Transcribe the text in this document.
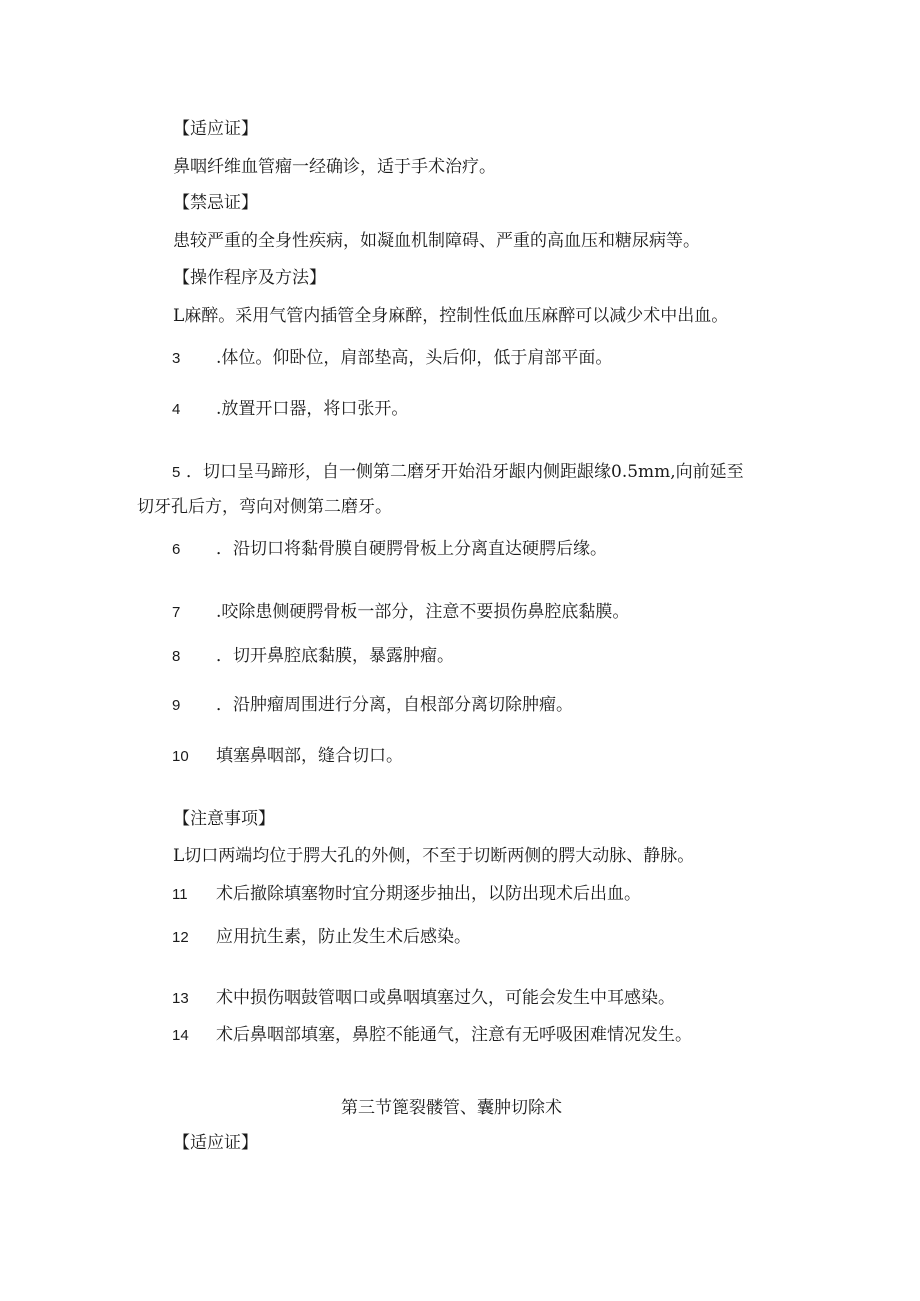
【适应证】
鼻咽纤维血管瘤一经确诊，适于手术治疗。
【禁忌证】
患较严重的全身性疾病，如凝血机制障碍、严重的高血压和糖尿病等。
【操作程序及方法】
L麻醉。采用气管内插管全身麻醉，控制性低血压麻醉可以减少术中出血。
3 .体位。仰卧位，肩部垫高，头后仰，低于肩部平面。
4 .放置开口器，将口张开。
5 ．切口呈马蹄形，自一侧第二磨牙开始沿牙龈内侧距龈缘0.5mm,向前延至
切牙孔后方，弯向对侧第二磨牙。
6 ．沿切口将黏骨膜自硬腭骨板上分离直达硬腭后缘。
7 .咬除患侧硬腭骨板一部分，注意不要损伤鼻腔底黏膜。
8 ．切开鼻腔底黏膜，暴露肿瘤。
9 ．沿肿瘤周围进行分离，自根部分离切除肿瘤。
10 填塞鼻咽部，缝合切口。
【注意事项】
L切口两端均位于腭大孔的外侧，不至于切断两侧的腭大动脉、静脉。
11 术后撤除填塞物时宜分期逐步抽出，以防出现术后出血。
12 应用抗生素，防止发生术后感染。
13 术中损伤咽鼓管咽口或鼻咽填塞过久，可能会发生中耳感染。
14 术后鼻咽部填塞，鼻腔不能通气，注意有无呼吸困难情况发生。
第三节篦裂髅管、囊肿切除术
【适应证】
